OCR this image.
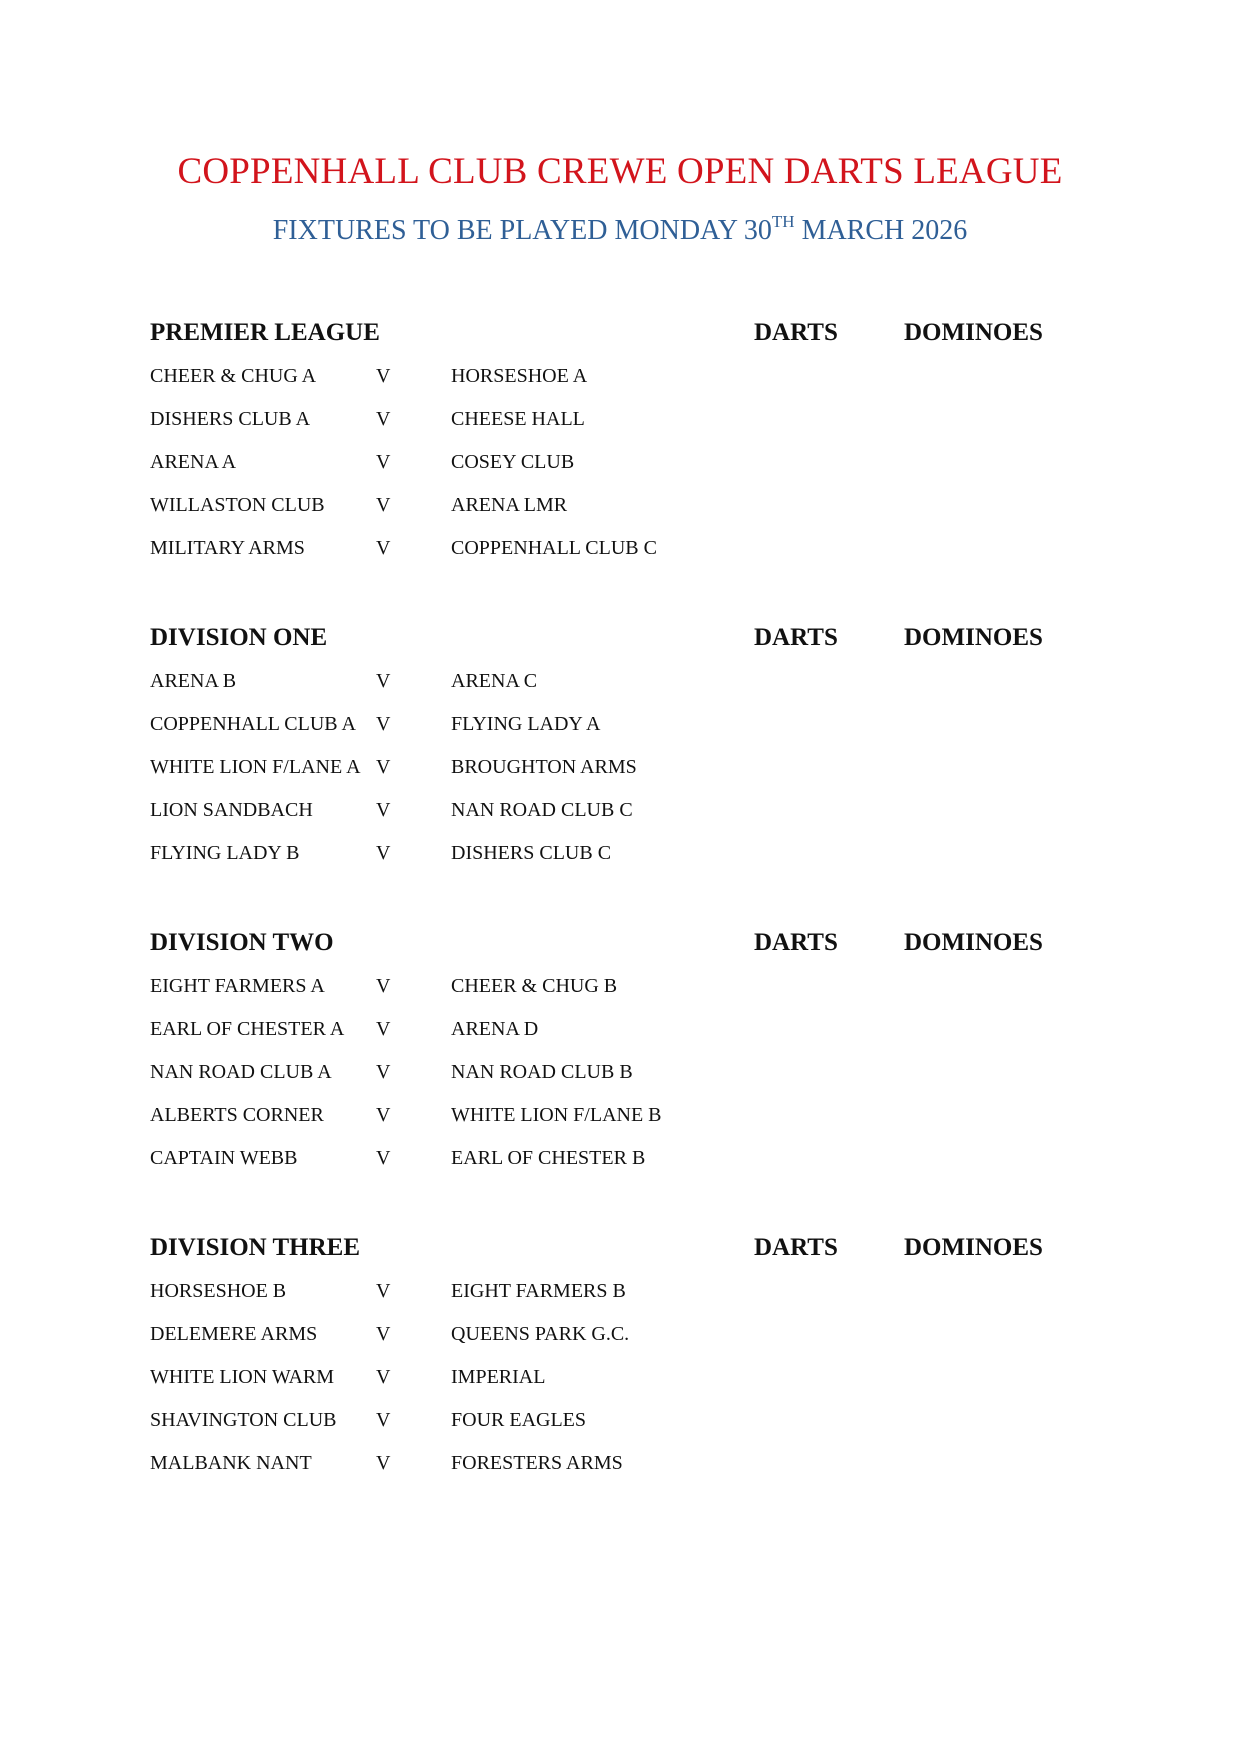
COPPENHALL CLUB CREWE OPEN DARTS LEAGUE
FIXTURES TO BE PLAYED MONDAY 30TH MARCH 2026
PREMIER LEAGUE	DARTS	DOMINOES
CHEER & CHUG A	V	HORSESHOE A
DISHERS CLUB A	V	CHEESE HALL
ARENA A	V	COSEY CLUB
WILLASTON CLUB	V	ARENA LMR
MILITARY ARMS	V	COPPENHALL CLUB C
DIVISION ONE	DARTS	DOMINOES
ARENA B	V	ARENA C
COPPENHALL CLUB A V	FLYING LADY A
WHITE LION F/LANE A V	BROUGHTON ARMS
LION SANDBACH	V	NAN ROAD CLUB C
FLYING LADY B	V	DISHERS CLUB C
DIVISION TWO	DARTS	DOMINOES
EIGHT FARMERS A	V	CHEER & CHUG B
EARL OF CHESTER A V	ARENA D
NAN ROAD CLUB A V	NAN ROAD CLUB B
ALBERTS CORNER	V	WHITE LION F/LANE B
CAPTAIN WEBB	V	EARL OF CHESTER B
DIVISION THREE	DARTS	DOMINOES
HORSESHOE B	V	EIGHT FARMERS B
DELEMERE ARMS	V	QUEENS PARK G.C.
WHITE LION WARM V	IMPERIAL
SHAVINGTON CLUB V	FOUR EAGLES
MALBANK NANT	V	FORESTERS ARMS
